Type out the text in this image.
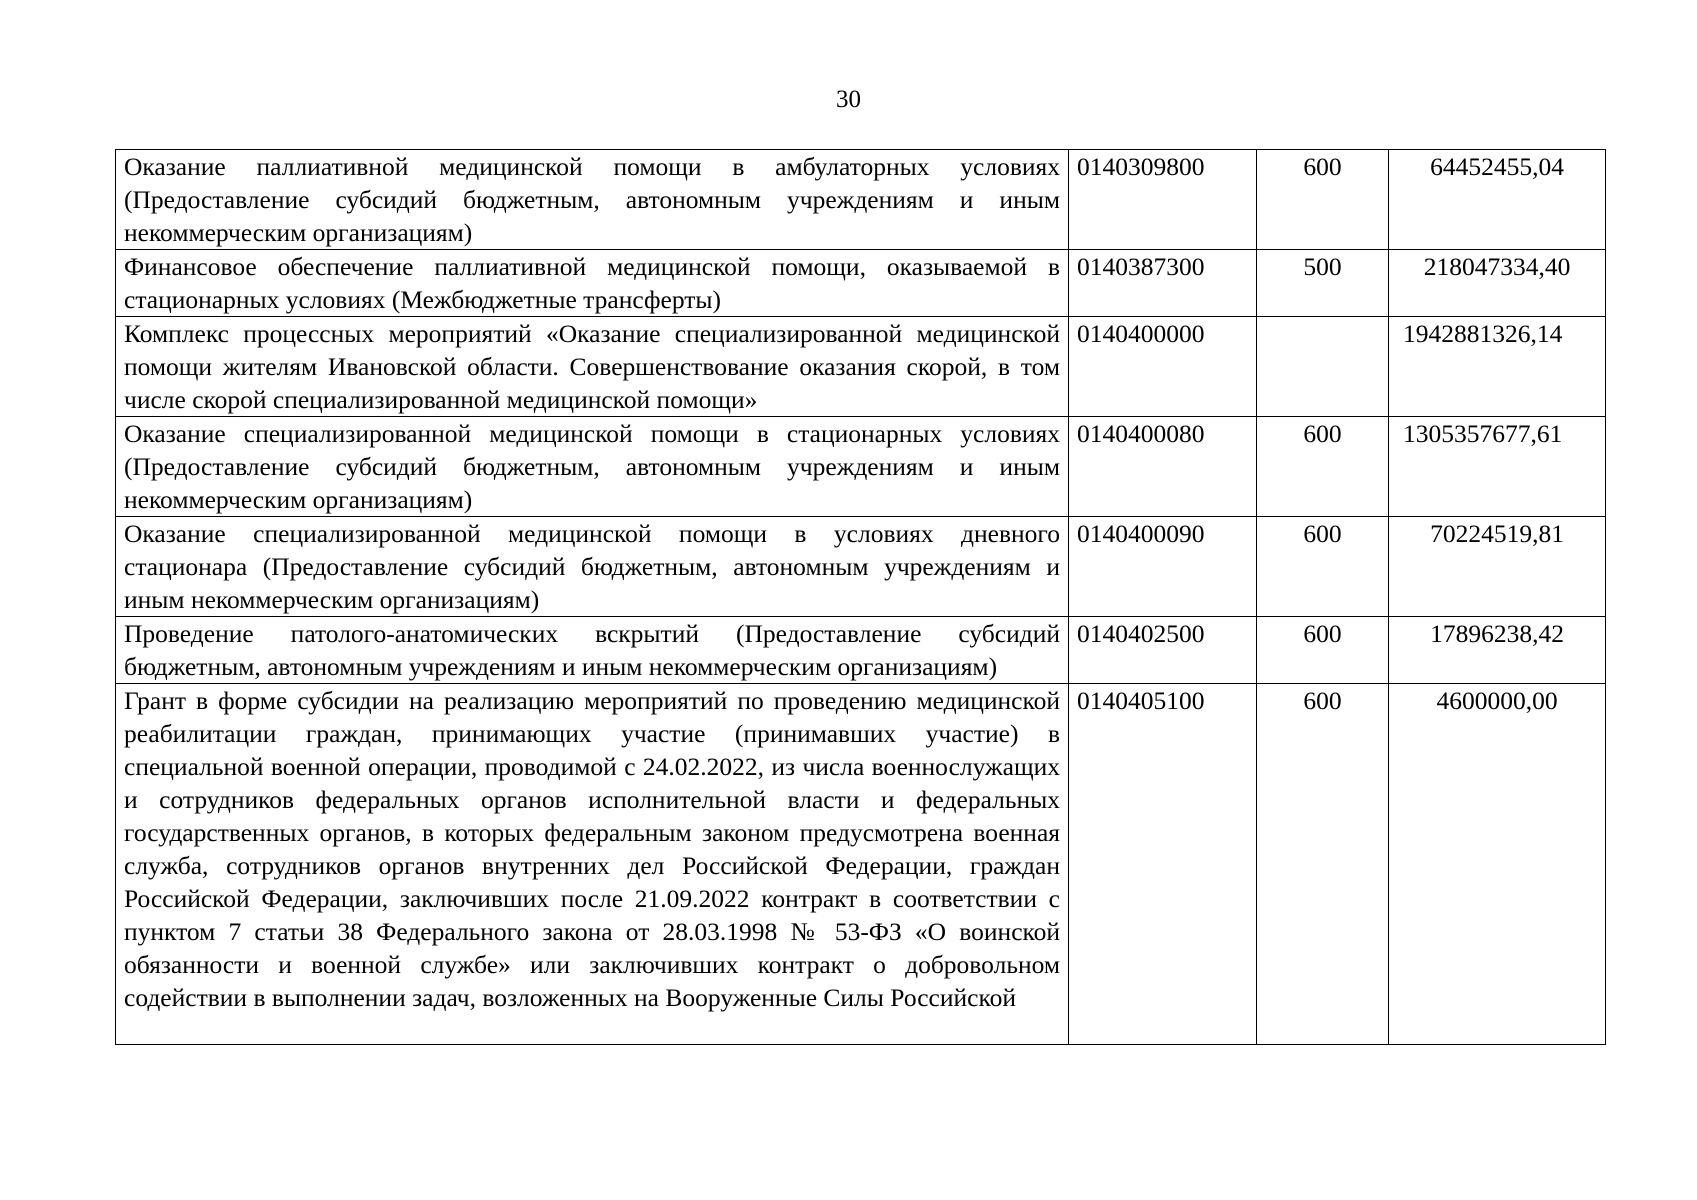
30
Оказание паллиативной медицинской помощи в амбулаторных условиях (Предоставление субсидий бюджетным, автономным учреждениям и иным некоммерческим организациям)	0140309800	600	64452455,04
Финансовое обеспечение паллиативной медицинской помощи, оказываемой в стационарных условиях (Межбюджетные трансферты)	0140387300	500	218047334,40
Комплекс процессных мероприятий «Оказание специализированной медицинской помощи жителям Ивановской области. Совершенствование оказания скорой, в том числе скорой специализированной медицинской помощи»	0140400000		1942881326,14
Оказание специализированной медицинской помощи в стационарных условиях (Предоставление субсидий бюджетным, автономным учреждениям и иным некоммерческим организациям)	0140400080	600	1305357677,61
Оказание специализированной медицинской помощи в условиях дневного стационара (Предоставление субсидий бюджетным, автономным учреждениям и иным некоммерческим организациям)	0140400090	600	70224519,81
Проведение патолого-анатомических вскрытий (Предоставление субсидий бюджетным, автономным учреждениям и иным некоммерческим организациям)	0140402500	600	17896238,42
Грант в форме субсидии на реализацию мероприятий по проведению медицинской реабилитации граждан, принимающих участие (принимавших участие) в специальной военной операции, проводимой с 24.02.2022, из числа военнослужащих и сотрудников федеральных органов исполнительной власти и федеральных государственных органов, в которых федеральным законом предусмотрена военная служба, сотрудников органов внутренних дел Российской Федерации, граждан Российской Федерации, заключивших после 21.09.2022 контракт в соответствии с пунктом 7 статьи 38 Федерального закона от 28.03.1998 № 53-ФЗ «О воинской обязанности и военной службе» или заключивших контракт о добровольном содействии в выполнении задач, возложенных на Вооруженные Силы Российской	0140405100	600	4600000,00
